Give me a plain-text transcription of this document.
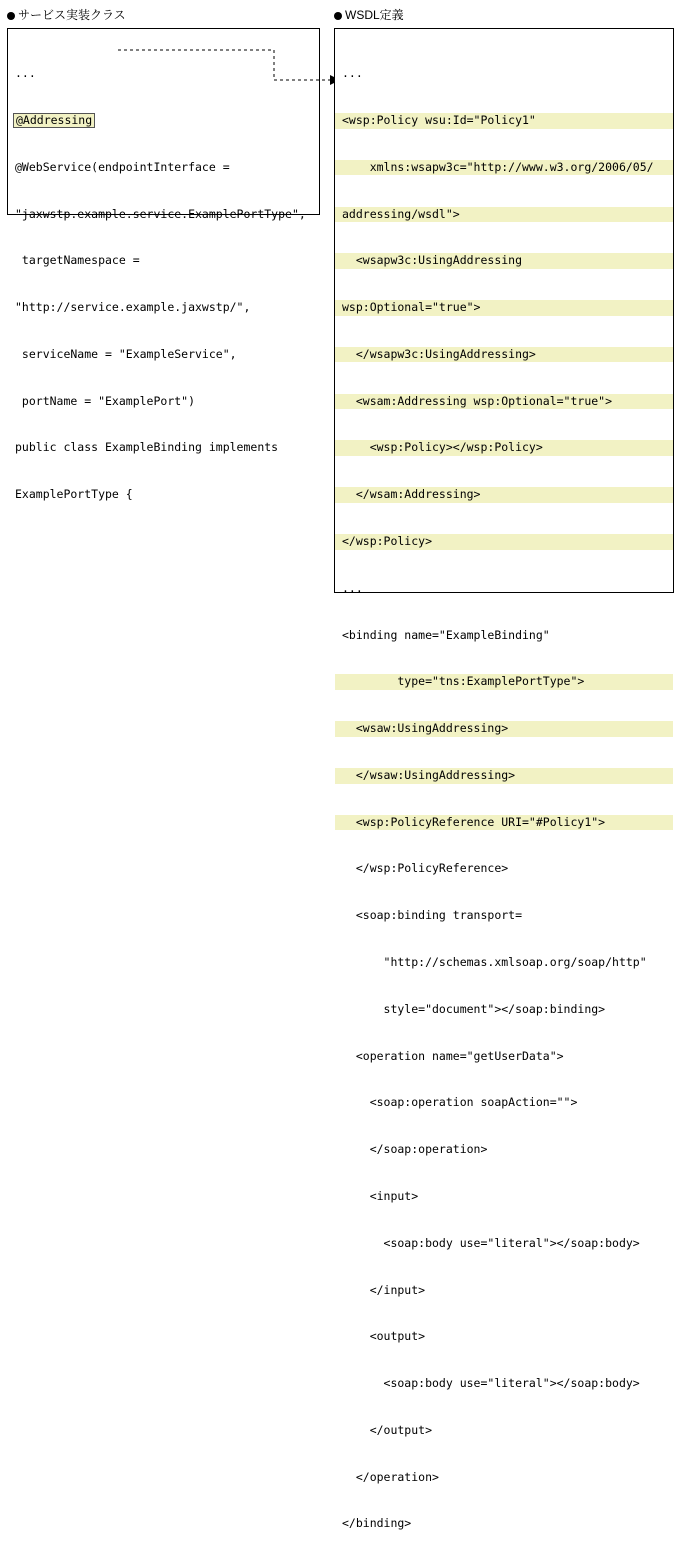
サービス実装クラス	WSDL定義

...

@Addressing

@WebService(endpointInterface =

"jaxwstp.example.service.ExamplePortType",

targetNamespace =

"http://service.example.jaxwstp/",

serviceName = "ExampleService",

portName = "ExamplePort")

public class ExampleBinding implements

ExamplePortType {

...

<wsp:Policy wsu:Id="Policy1"

xmlns:wsapw3c="http://www.w3.org/2006/05/

addressing/wsdl">

<wsapw3c:UsingAddressing

wsp:Optional="true">

</wsapw3c:UsingAddressing>

<wsam:Addressing wsp:Optional="true">

<wsp:Policy></wsp:Policy>

</wsam:Addressing>

</wsp:Policy>

...

<binding name="ExampleBinding"

type="tns:ExamplePortType">

<wsaw:UsingAddressing>

</wsaw:UsingAddressing>

<wsp:PolicyReference URI="#Policy1">

</wsp:PolicyReference>

<soap:binding transport=

"http://schemas.xmlsoap.org/soap/http"

style="document"></soap:binding>

<operation name="getUserData">

<soap:operation soapAction="">

</soap:operation>

<input>

<soap:body use="literal"></soap:body>

</input>

<output>

<soap:body use="literal"></soap:body>

</output>

</operation>

</binding>
